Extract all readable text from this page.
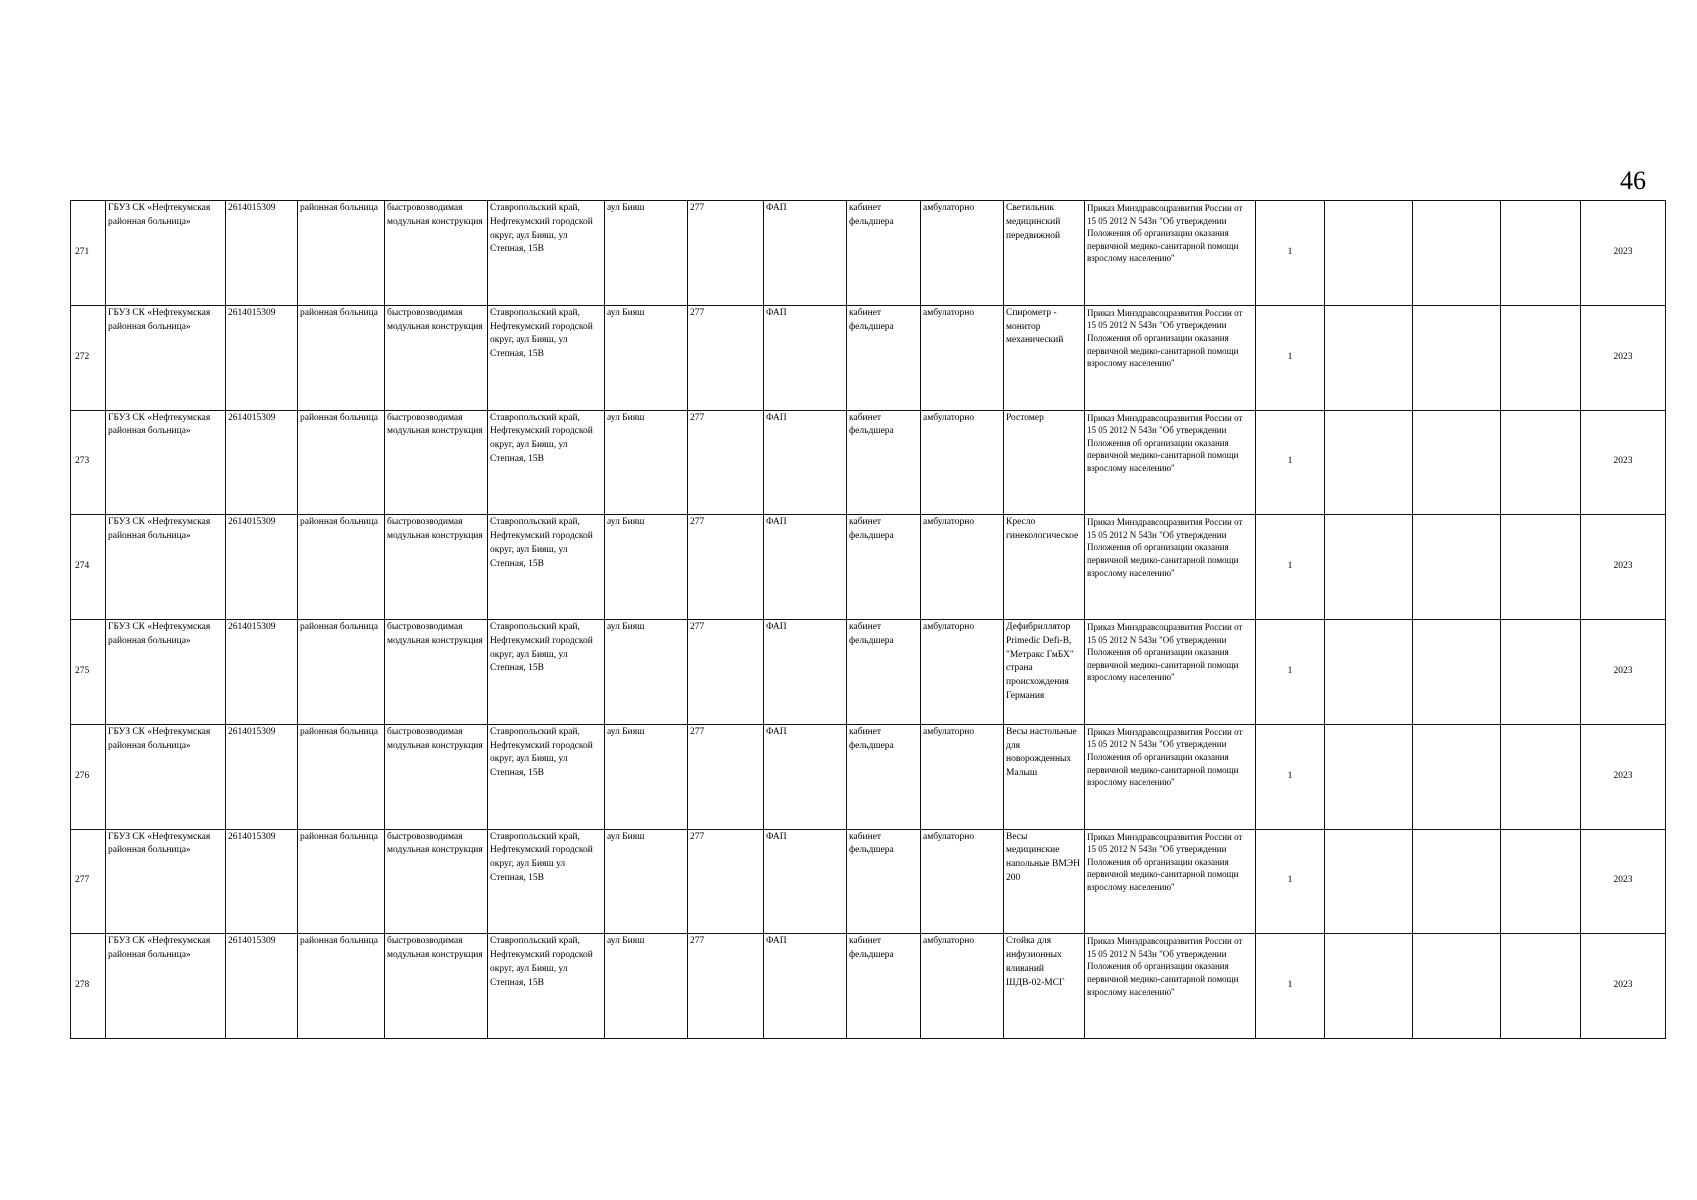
46
271	ГБУЗ СК «Нефтекумская районная больница»	2614015309	районная больница	быстровозводимая модульная конструкция	Ставропольский край, Нефтекумский городской округ, аул Бияш, ул Степная, 15В	аул Бияш	277	ФАП	кабинет фельдшера	амбулаторно	Светильник медицинский передвижной	Приказ Минздравсоцразвития России от 15 05 2012 N 543н "Об утверждении Положения об организации оказания первичной медико-санитарной помощи взрослому населению"	1				2023	
272	ГБУЗ СК «Нефтекумская районная больница»	2614015309	районная больница	быстровозводимая модульная конструкция	Ставропольский край, Нефтекумский городской округ, аул Бияш, ул Степная, 15В	аул Бияш	277	ФАП	кабинет фельдшера	амбулаторно	Спирометр - монитор механический	Приказ Минздравсоцразвития России от 15 05 2012 N 543н "Об утверждении Положения об организации оказания первичной медико-санитарной помощи взрослому населению"	1				2023	
273	ГБУЗ СК «Нефтекумская районная больница»	2614015309	районная больница	быстровозводимая модульная конструкция	Ставропольский край, Нефтекумский городской округ, аул Бияш, ул Степная, 15В	аул Бияш	277	ФАП	кабинет фельдшера	амбулаторно	Ростомер	Приказ Минздравсоцразвития России от 15 05 2012 N 543н "Об утверждении Положения об организации оказания первичной медико-санитарной помощи взрослому населению"	1				2023	
274	ГБУЗ СК «Нефтекумская районная больница»	2614015309	районная больница	быстровозводимая модульная конструкция	Ставропольский край, Нефтекумский городской округ, аул Бияш, ул Степная, 15В	аул Бияш	277	ФАП	кабинет фельдшера	амбулаторно	Кресло гинекологическое	Приказ Минздравсоцразвития России от 15 05 2012 N 543н "Об утверждении Положения об организации оказания первичной медико-санитарной помощи взрослому населению"	1				2023	
275	ГБУЗ СК «Нефтекумская районная больница»	2614015309	районная больница	быстровозводимая модульная конструкция	Ставропольский край, Нефтекумский городской округ, аул Бияш, ул Степная, 15В	аул Бияш	277	ФАП	кабинет фельдшера	амбулаторно	Дефибриллятор Primedic Defi-B, "Метракс ГмБХ" страна происхождения Германия	Приказ Минздравсоцразвития России от 15 05 2012 N 543н "Об утверждении Положения об организации оказания первичной медико-санитарной помощи взрослому населению"	1				2023	
276	ГБУЗ СК «Нефтекумская районная больница»	2614015309	районная больница	быстровозводимая модульная конструкция	Ставропольский край, Нефтекумский городской округ, аул Бияш, ул Степная, 15В	аул Бияш	277	ФАП	кабинет фельдшера	амбулаторно	Весы настольные для новорожденных Малыш	Приказ Минздравсоцразвития России от 15 05 2012 N 543н "Об утверждении Положения об организации оказания первичной медико-санитарной помощи взрослому населению"	1				2023	
277	ГБУЗ СК «Нефтекумская районная больница»	2614015309	районная больница	быстровозводимая модульная конструкция	Ставропольский край, Нефтекумский городской округ, аул Бияш ул Степная, 15В	аул Бияш	277	ФАП	кабинет фельдшера	амбулаторно	Весы медицинские напольные ВМЭН 200	Приказ Минздравсоцразвития России от 15 05 2012 N 543н "Об утверждении Положения об организации оказания первичной медико-санитарной помощи взрослому населению"	1				2023	
278	ГБУЗ СК «Нефтекумская районная больница»	2614015309	районная больница	быстровозводимая модульная конструкция	Ставропольский край, Нефтекумский городской округ, аул Бияш, ул Степная, 15В	аул Бияш	277	ФАП	кабинет фельдшера	амбулаторно	Стойка для инфузионных вливаний ШДВ-02-МСГ	Приказ Минздравсоцразвития России от 15 05 2012 N 543н "Об утверждении Положения об организации оказания первичной медико-санитарной помощи взрослому населению"	1				2023	
